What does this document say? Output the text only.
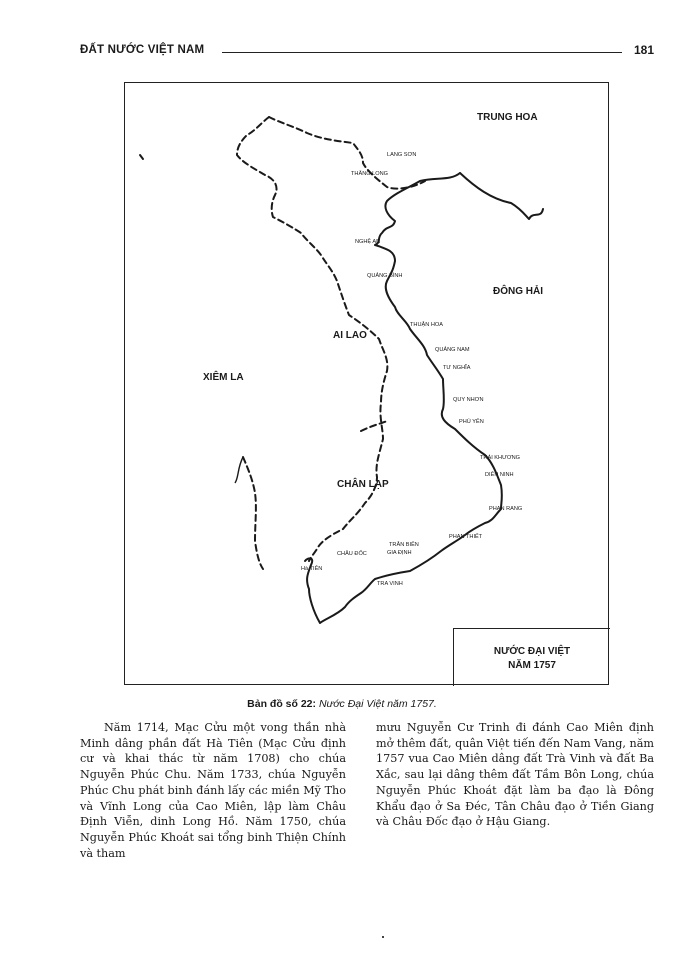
ĐẤT NƯỚC VIỆT NAM	181
TRUNG HOA
ĐÔNG HẢI
AI LAO
XIÊM LA
CHÂN LẠP
LANG SƠN
THĂNG LONG
NGHỆ AN
QUẢNG BÌNH
THUẬN HOA
QUẢNG NAM
TƯ NGHĨA
QUY NHƠN
PHÚ YÊN
THÁI KHƯƠNG
DIÊN NINH
PHAN RANG
PHAN THIẾT
TRÂN BIÊN
GIA ĐỊNH
CHÂU ĐỐC
Hà TIÊN
TRA VINH
NƯỚC ĐẠI VIỆT
NĂM 1757
Bản đồ số 22: Nước Đại Việt năm 1757.
Năm 1714, Mạc Cửu một vong thần nhà Minh dâng phần đất Hà Tiên (Mạc Cửu định cư và khai thác từ năm 1708) cho chúa Nguyễn Phúc Chu. Năm 1733, chúa Nguyễn Phúc Chu phát binh đánh lấy các miền Mỹ Tho và Vĩnh Long của Cao Miên, lập làm Châu Định Viễn, dinh Long Hồ. Năm 1750, chúa Nguyễn Phúc Khoát sai tổng binh Thiện Chính và tham
mưu Nguyễn Cư Trinh đi đánh Cao Miên định mở thêm đất, quân Việt tiến đến Nam Vang, năm 1757 vua Cao Miên dâng đất Trà Vinh và đất Ba Xắc, sau lại dâng thêm đất Tầm Bôn Long, chúa Nguyễn Phúc Khoát đặt làm ba đạo là Đông Khẩu đạo ở Sa Đéc, Tân Châu đạo ở Tiền Giang và Châu Đốc đạo ở Hậu Giang.
